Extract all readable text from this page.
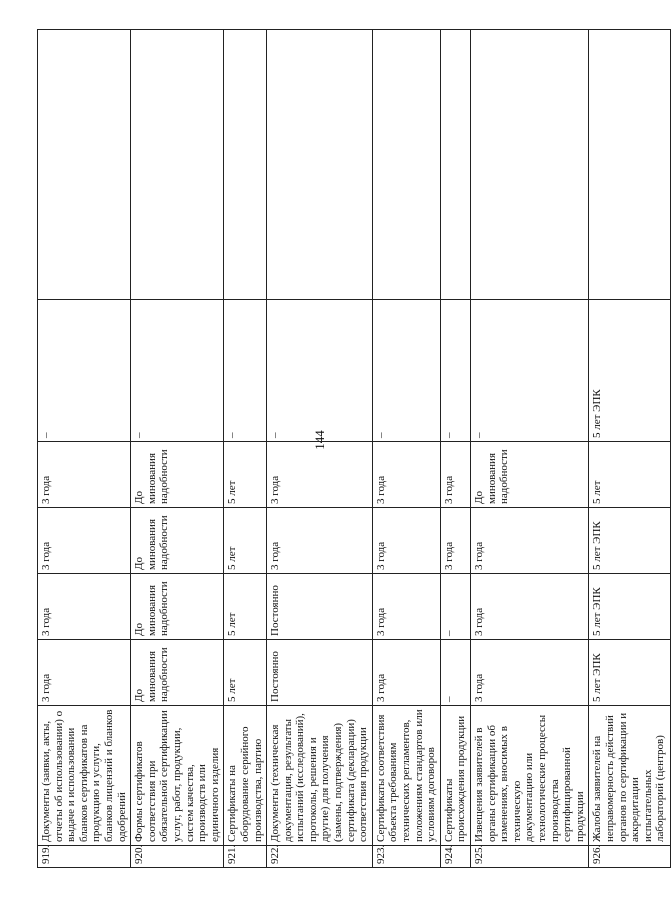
144
919.	Документы (заявки, акты, отчеты об использовании) о выдаче и использовании бланков сертификатов на продукцию и услуги, бланков лицензий и бланков одобрений	3 года	3 года	3 года	3 года	–	
920.	Формы сертификатов соответствия при обязательной сертификации услуг, работ, продукции, систем качества, производств или единичного изделия	До минования надобности	До минования надобности	До минования надобности	До минования надобности	–	
921.	Сертификаты на оборудование серийного производства, партию	5 лет	5 лет	5 лет	5 лет	–	
922.	Документы (техническая документация, результаты испытаний (исследований), протоколы, решения и другие) для получения (замены, подтверждения) сертификата (декларации) соответствия продукции	Постоянно	Постоянно	3 года	3 года	–	
923.	Сертификаты соответствия объекта требованиям технических регламентов, положениям стандартов или условиям договоров	3 года	3 года	3 года	3 года	–	
924.	Сертификаты происхождения продукции	–	–	3 года	3 года	–	
925.	Извещения заявителей в органы сертификации об изменениях, вносимых в техническую документацию или технологические процессы производства сертифицированной продукции	3 года	3 года	3 года	До минования надобности	–	
926.	Жалобы заявителей на неправомерность действий органов по сертификации и аккредитации испытательных лабораторий (центров)	5 лет ЭПК	5 лет ЭПК	5 лет ЭПК	5 лет	5 лет ЭПК	
